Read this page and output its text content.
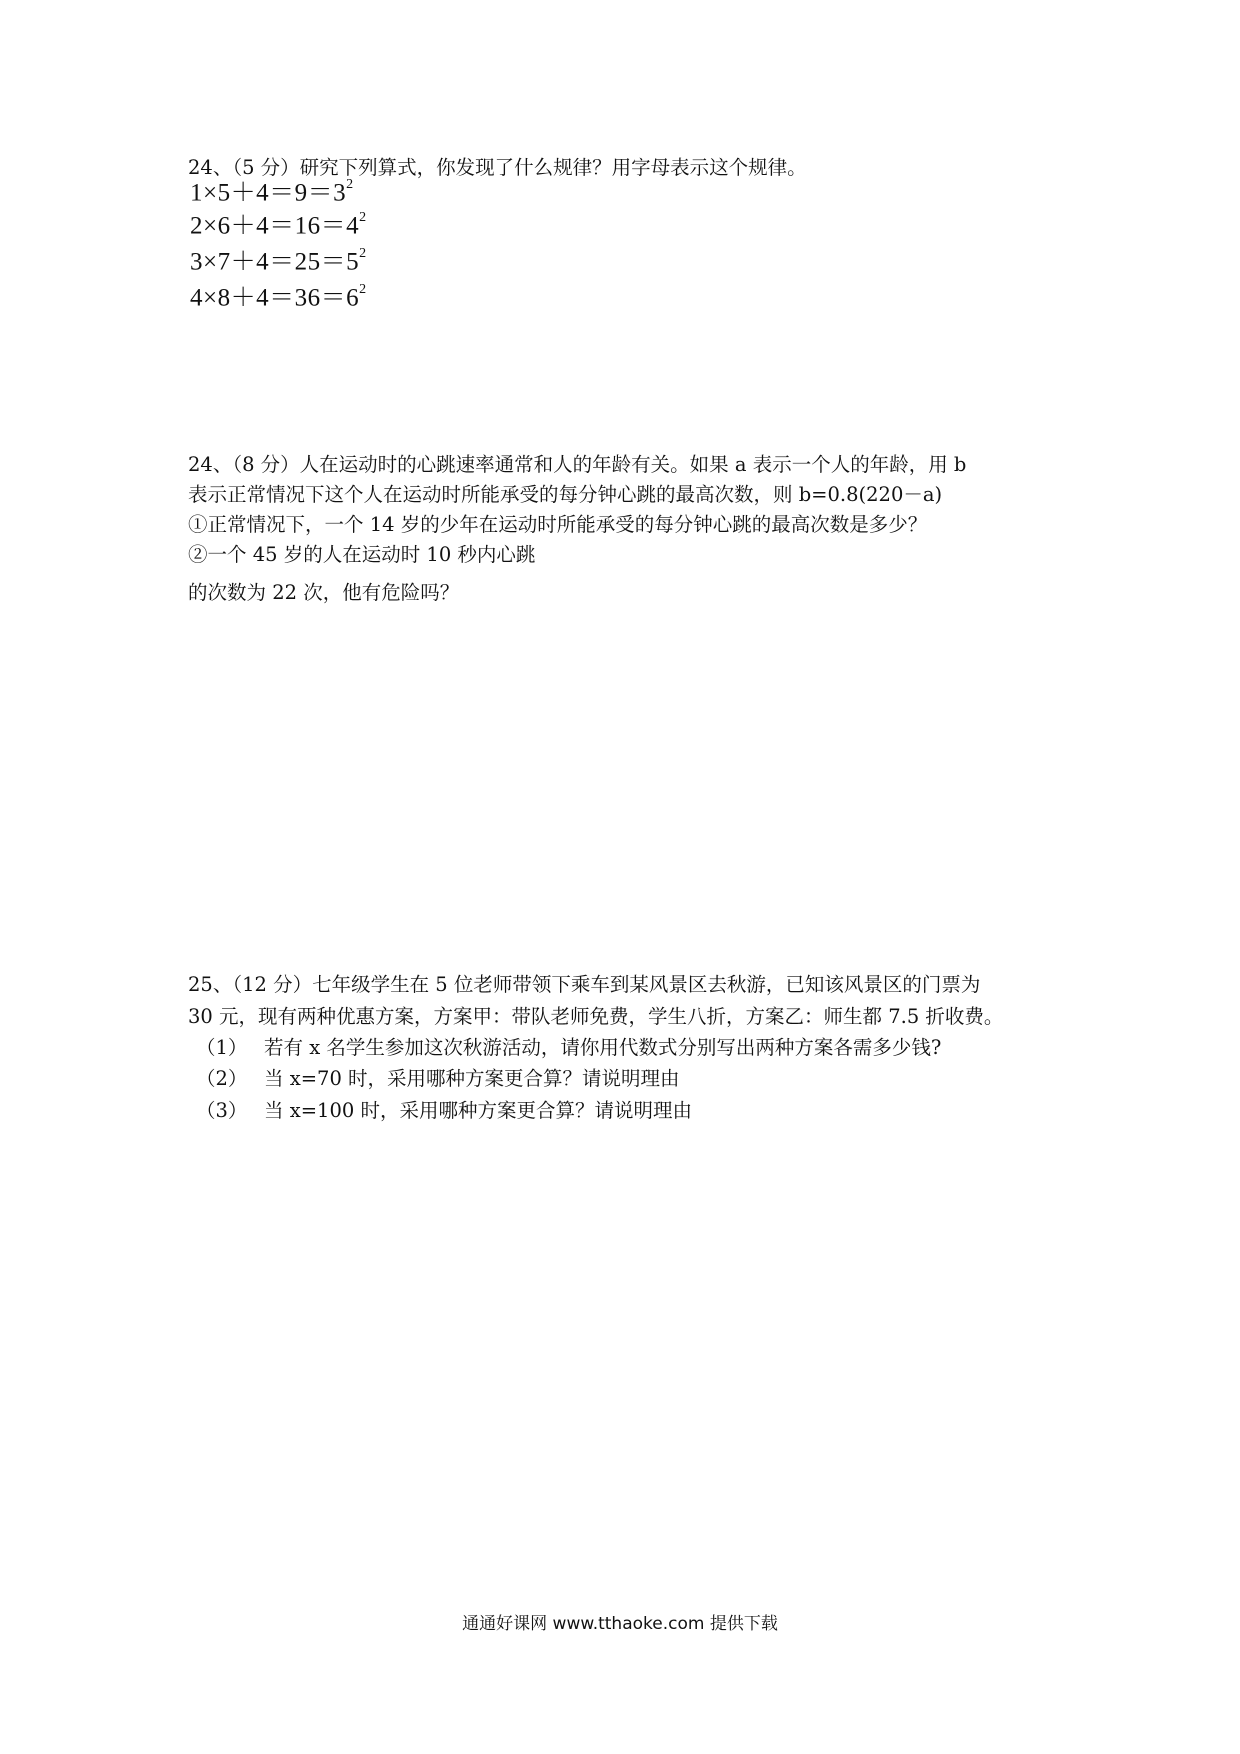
24、（5 分）研究下列算式，你发现了什么规律？用字母表示这个规律。
$1\times 5+4=9=3^2$
$2\times 6+4=16=4^2$
$3\times 7+4=25=5^2$
$4\times 8+4=36=6^2$
24、（8 分）人在运动时的心跳速率通常和人的年龄有关。如果 a 表示一个人的年龄，用 b
表示正常情况下这个人在运动时所能承受的每分钟心跳的最高次数，则 b=0.8(220－a)
①正常情况下，一个 14 岁的少年在运动时所能承受的每分钟心跳的最高次数是多少？
②一个 45 岁的人在运动时 10 秒内心跳
的次数为 22 次，他有危险吗？
25、（12 分）七年级学生在 5 位老师带领下乘车到某风景区去秋游，已知该风景区的门票为
30 元，现有两种优惠方案，方案甲：带队老师免费，学生八折，方案乙：师生都 7.5 折收费。
（1） 若有 x 名学生参加这次秋游活动，请你用代数式分别写出两种方案各需多少钱?
（2） 当 x=70 时，采用哪种方案更合算？请说明理由
（3） 当 x=100 时，采用哪种方案更合算？请说明理由
通通好课网 www.tthaoke.com 提供下载
